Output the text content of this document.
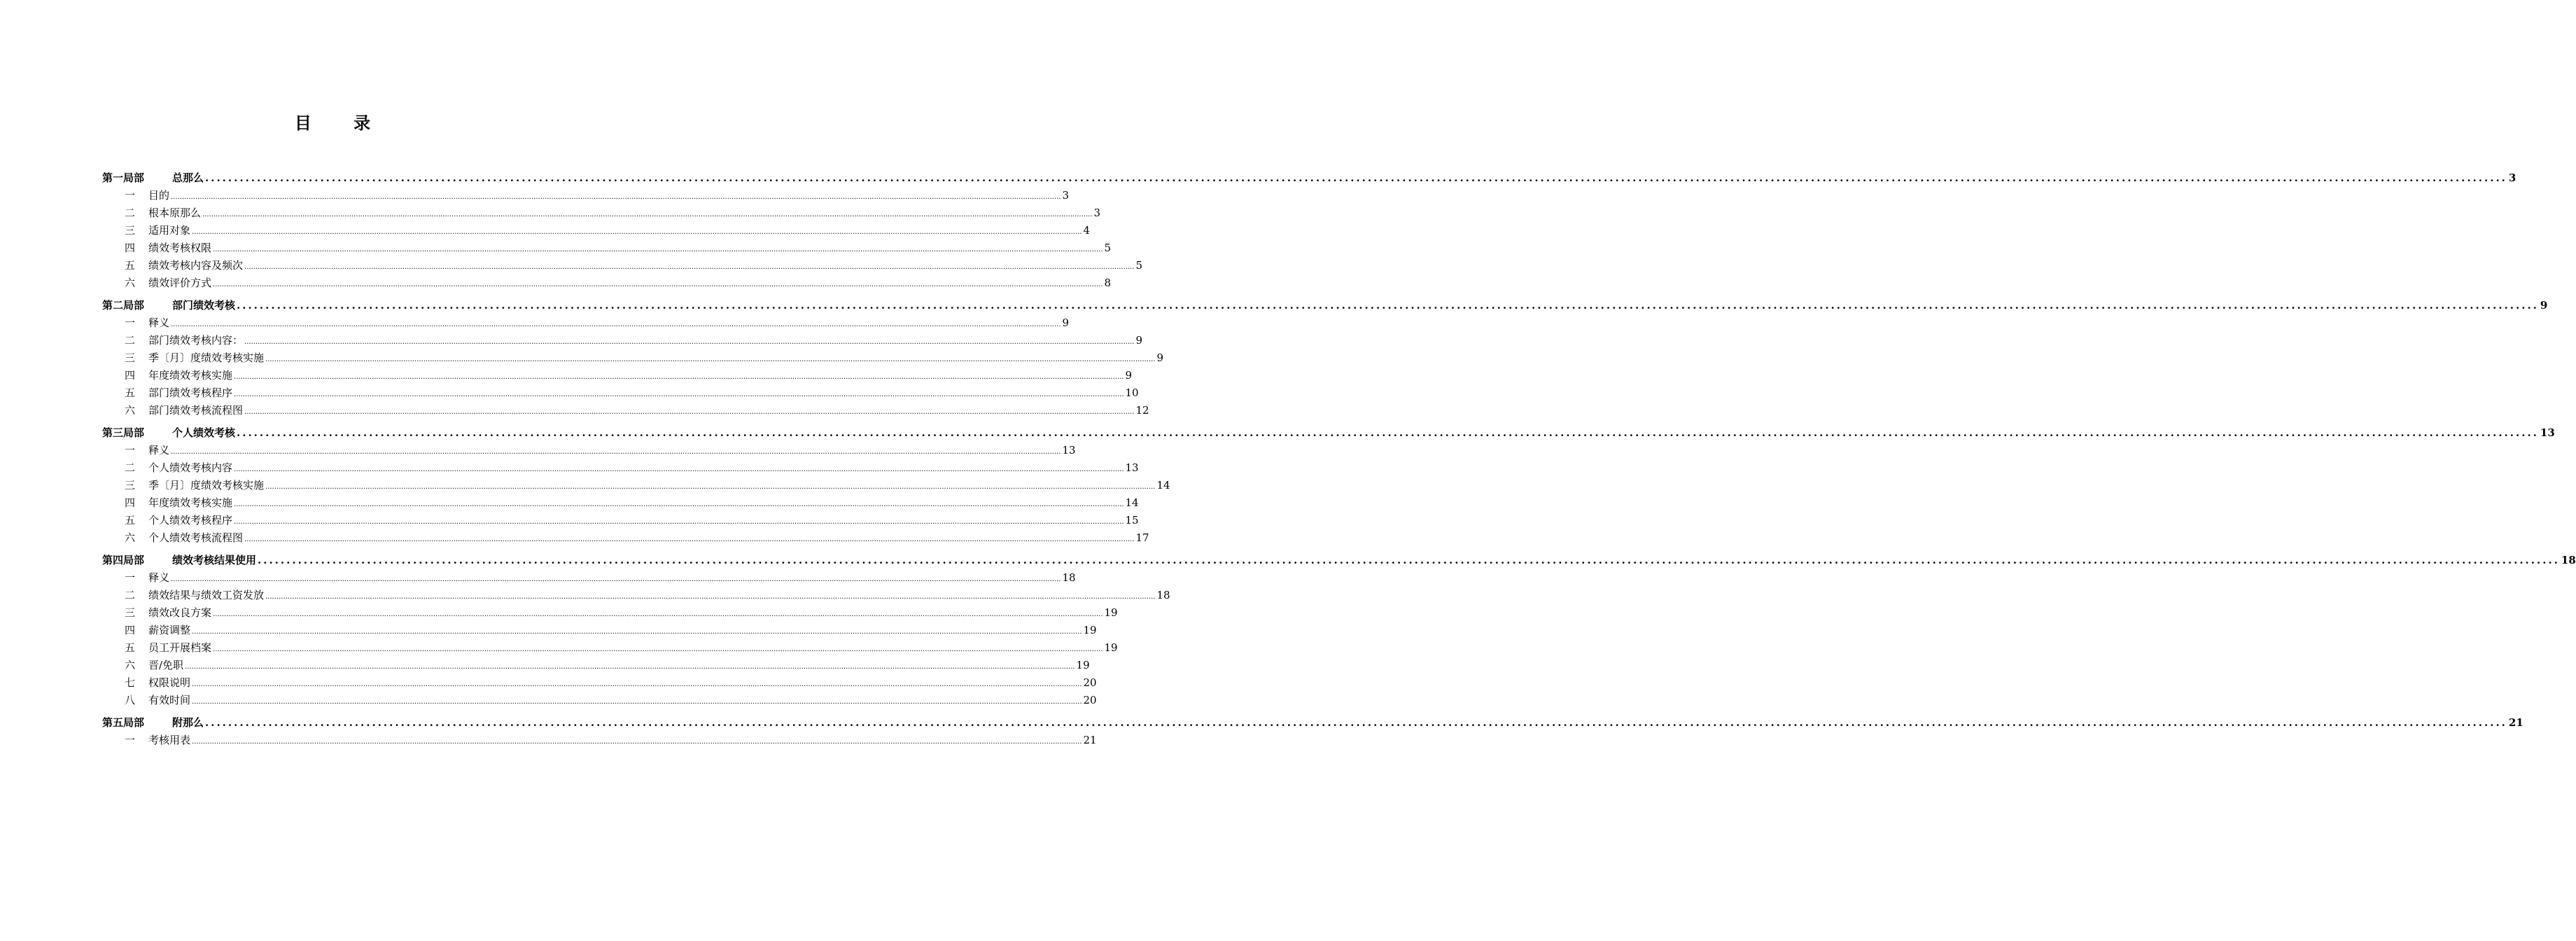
目 录
第一局部	总那么 ................................................................................................................................................................................................................................................................................................................................................................................................................ 3
一	目的 ................................................................................................................................................................................................................................................................................................................................................................................................................ 3
二	根本原那么 ................................................................................................................................................................................................................................................................................................................................................................................................................ 3
三	适用对象 ................................................................................................................................................................................................................................................................................................................................................................................................................ 4
四	绩效考核权限 ................................................................................................................................................................................................................................................................................................................................................................................................................ 5
五	绩效考核内容及频次 ................................................................................................................................................................................................................................................................................................................................................................................................................ 5
六	绩效评价方式 ................................................................................................................................................................................................................................................................................................................................................................................................................ 8
第二局部	部门绩效考核 ................................................................................................................................................................................................................................................................................................................................................................................................................ 9
一	释义 ................................................................................................................................................................................................................................................................................................................................................................................................................ 9
二	部门绩效考核内容： ................................................................................................................................................................................................................................................................................................................................................................................................................ 9
三	季〔月〕度绩效考核实施 ................................................................................................................................................................................................................................................................................................................................................................................................................ 9
四	年度绩效考核实施 ................................................................................................................................................................................................................................................................................................................................................................................................................ 9
五	部门绩效考核程序 ................................................................................................................................................................................................................................................................................................................................................................................................................ 10
六	部门绩效考核流程图 ................................................................................................................................................................................................................................................................................................................................................................................................................ 12
第三局部	个人绩效考核 ................................................................................................................................................................................................................................................................................................................................................................................................................ 13
一	释义 ................................................................................................................................................................................................................................................................................................................................................................................................................ 13
二	个人绩效考核内容 ................................................................................................................................................................................................................................................................................................................................................................................................................ 13
三	季〔月〕度绩效考核实施 ................................................................................................................................................................................................................................................................................................................................................................................................................ 14
四	年度绩效考核实施 ................................................................................................................................................................................................................................................................................................................................................................................................................ 14
五	个人绩效考核程序 ................................................................................................................................................................................................................................................................................................................................................................................................................ 15
六	个人绩效考核流程图 ................................................................................................................................................................................................................................................................................................................................................................................................................ 17
第四局部	绩效考核结果使用 ................................................................................................................................................................................................................................................................................................................................................................................................................ 18
一	释义 ................................................................................................................................................................................................................................................................................................................................................................................................................ 18
二	绩效结果与绩效工资发放 ................................................................................................................................................................................................................................................................................................................................................................................................................ 18
三	绩效改良方案 ................................................................................................................................................................................................................................................................................................................................................................................................................ 19
四	薪资调整 ................................................................................................................................................................................................................................................................................................................................................................................................................ 19
五	员工开展档案 ................................................................................................................................................................................................................................................................................................................................................................................................................ 19
六	晋/免职 ................................................................................................................................................................................................................................................................................................................................................................................................................ 19
七	权限说明 ................................................................................................................................................................................................................................................................................................................................................................................................................ 20
八	有效时间 ................................................................................................................................................................................................................................................................................................................................................................................................................ 20
第五局部	附那么 ................................................................................................................................................................................................................................................................................................................................................................................................................ 21
一	考核用表 ................................................................................................................................................................................................................................................................................................................................................................................................................ 21
